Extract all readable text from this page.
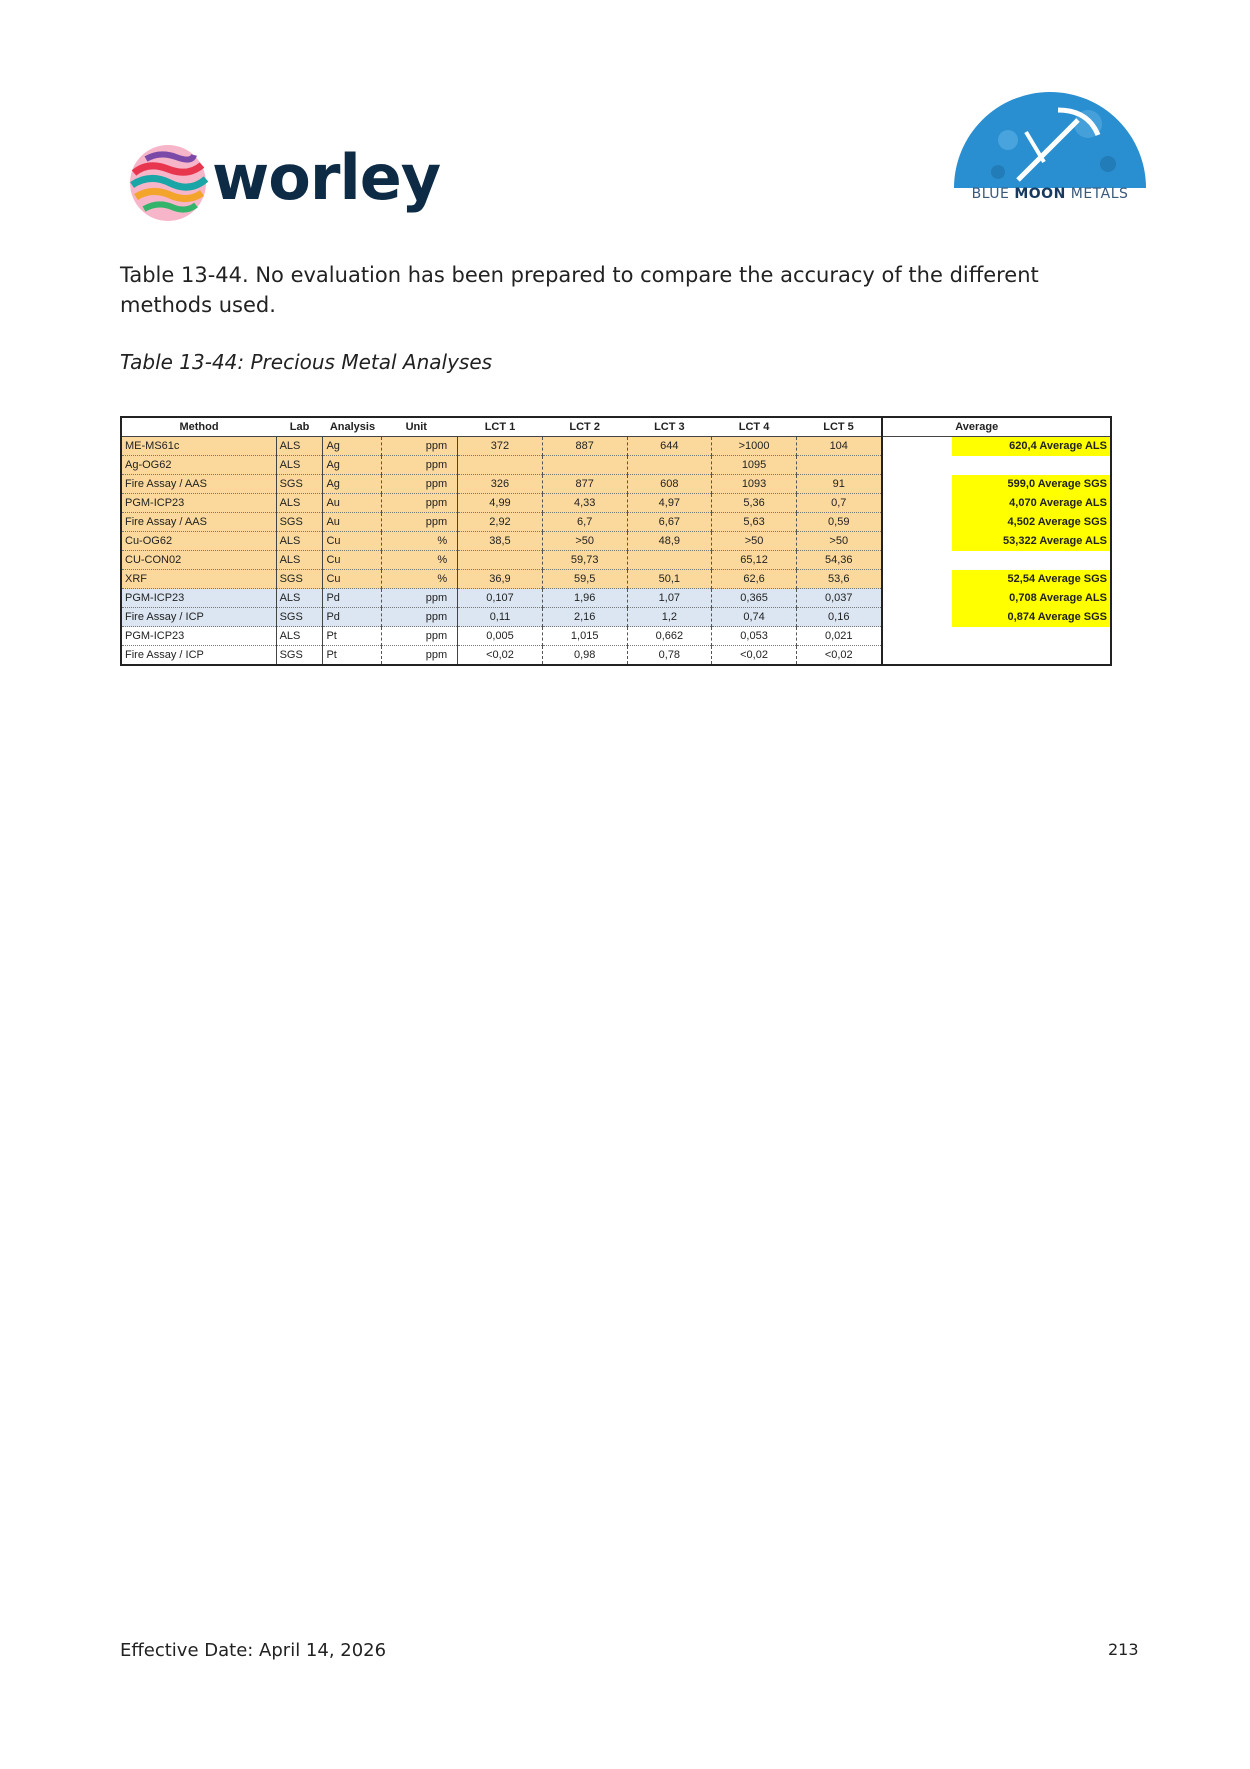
worley	BLUE MOON METALS
Table 13-44. No evaluation has been prepared to compare the accuracy of the different methods used.
Table 13-44: Precious Metal Analyses
Method	Lab	Analysis	Unit	LCT 1	LCT 2	LCT 3	LCT 4	LCT 5		Average
ME-MS61c	ALS	Ag	ppm	372	887	644	>1000	104		620,4 Average ALS
Ag-OG62	ALS	Ag	ppm				1095			
Fire Assay / AAS	SGS	Ag	ppm	326	877	608	1093	91		599,0 Average SGS
PGM-ICP23	ALS	Au	ppm	4,99	4,33	4,97	5,36	0,7		4,070 Average ALS
Fire Assay / AAS	SGS	Au	ppm	2,92	6,7	6,67	5,63	0,59		4,502 Average SGS
Cu-OG62	ALS	Cu	%	38,5	>50	48,9	>50	>50		53,322 Average ALS
CU-CON02	ALS	Cu	%		59,73		65,12	54,36		
XRF	SGS	Cu	%	36,9	59,5	50,1	62,6	53,6		52,54 Average SGS
PGM-ICP23	ALS	Pd	ppm	0,107	1,96	1,07	0,365	0,037		0,708 Average ALS
Fire Assay / ICP	SGS	Pd	ppm	0,11	2,16	1,2	0,74	0,16		0,874 Average SGS
PGM-ICP23	ALS	Pt	ppm	0,005	1,015	0,662	0,053	0,021		
Fire Assay / ICP	SGS	Pt	ppm	<0,02	0,98	0,78	<0,02	<0,02		
Effective Date: April 14, 2026	213
